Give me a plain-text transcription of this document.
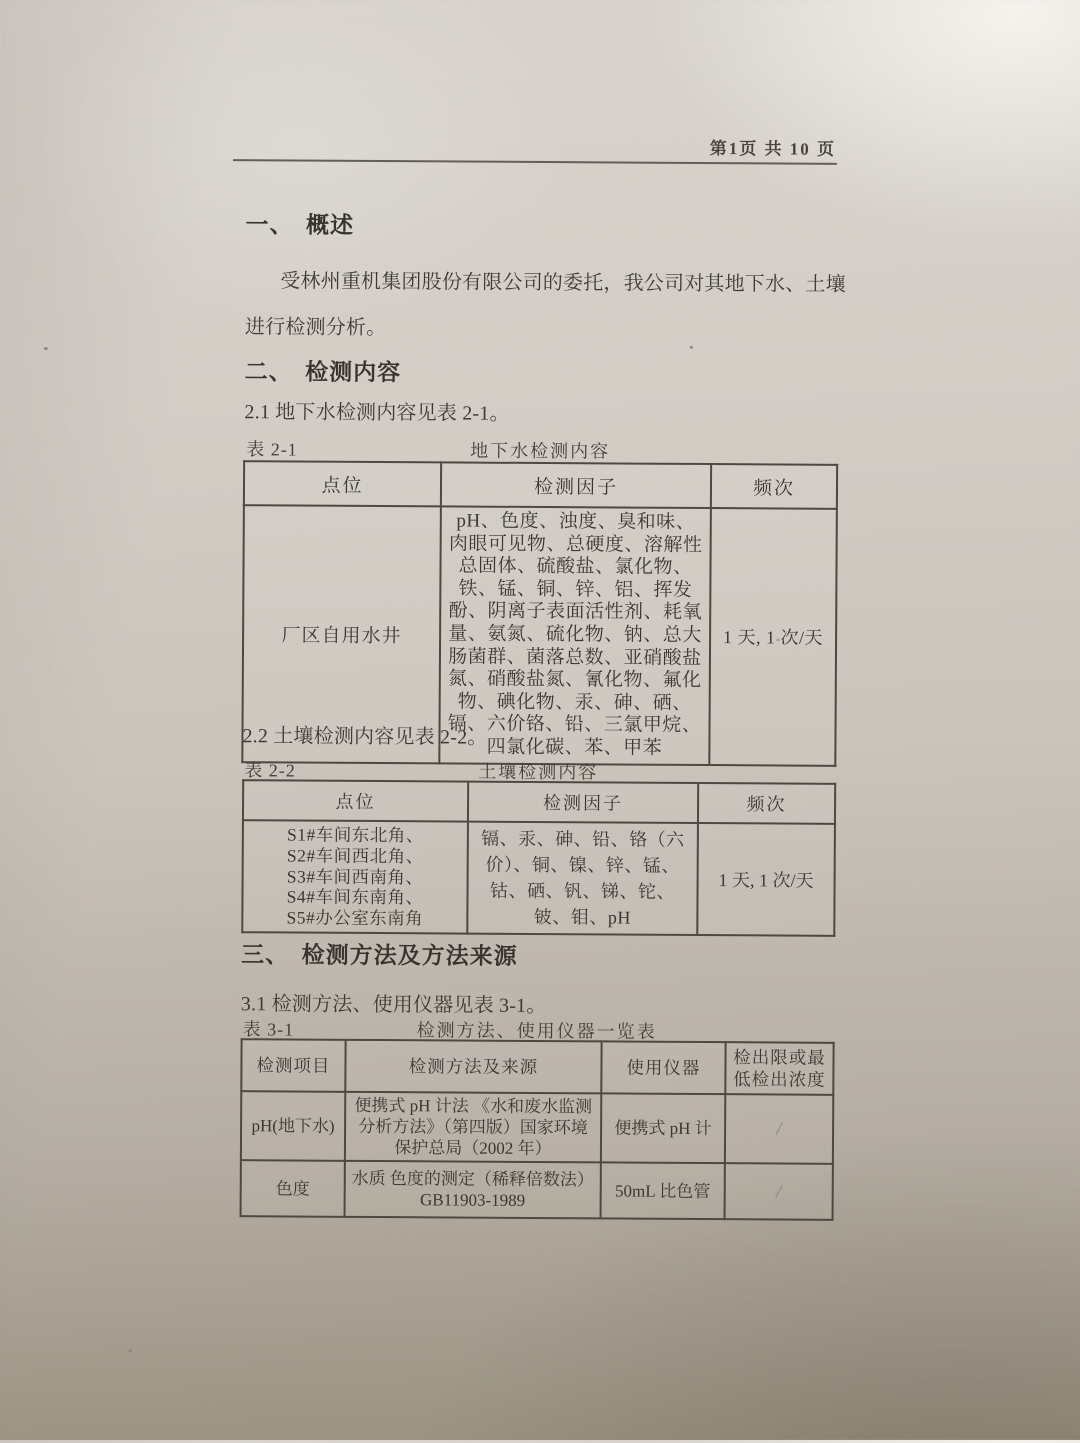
第1页 共 10 页
一、　概述
受林州重机集团股份有限公司的委托，我公司对其地下水、土壤
进行检测分析。
二、　检测内容
2.1 地下水检测内容见表 2-1。
表 2-1	地下水检测内容
点位	检测因子	频次
厂区自用水井	pH、色度、浊度、臭和味、肉眼可见物、总硬度、溶解性总固体、硫酸盐、氯化物、铁、锰、铜、锌、铝、挥发酚、阴离子表面活性剂、耗氧量、氨氮、硫化物、钠、总大肠菌群、菌落总数、亚硝酸盐氮、硝酸盐氮、氰化物、氟化物、碘化物、汞、砷、硒、镉、六价铬、铅、三氯甲烷、四氯化碳、苯、甲苯	1 天, 1 次/天
2.2 土壤检测内容见表 2-2。
表 2-2	土壤检测内容
点位	检测因子	频次

S1#车间东北角、
S2#车间西北角、
S3#车间西南角、
S4#车间东南角、
S5#办公室东南角	镉、汞、砷、铅、铬（六价）、铜、镍、锌、锰、钴、硒、钒、锑、铊、铍、钼、pH	1 天, 1 次/天
三、　检测方法及方法来源
3.1 检测方法、使用仪器见表 3-1。
表 3-1	检测方法、使用仪器一览表
检测项目	检测方法及来源	使用仪器	检出限或最低检出浓度
pH(地下水)	便携式 pH 计法 《水和废水监测分析方法》（第四版）国家环境保护总局（2002 年）	便携式 pH 计	/
色度	水质 色度的测定（稀释倍数法） GB11903-1989	50mL 比色管	/
